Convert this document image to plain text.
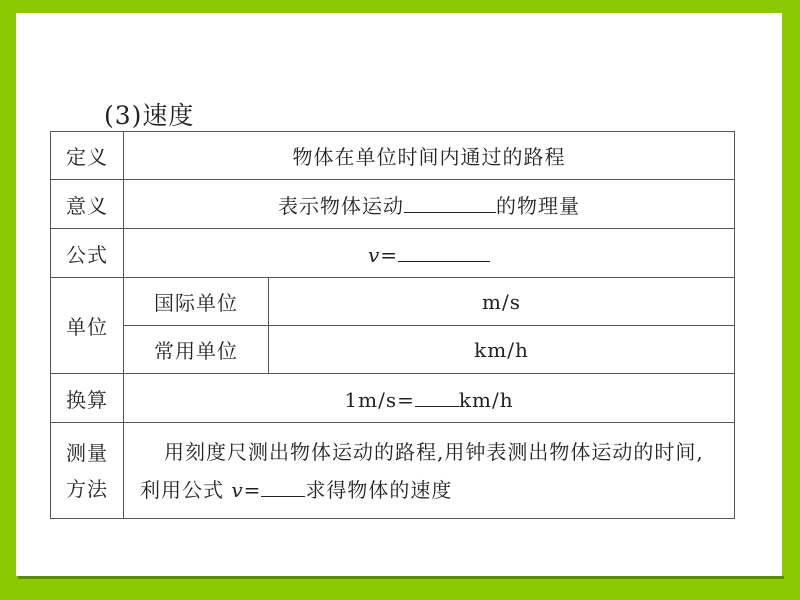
(3)速度
定义	物体在单位时间内通过的路程	
意义	表示物体运动 的物理量	
公式	v=	
单位	国际单位	m/s
	常用单位	km/h
换算	1m/s= km/h	
测量
方法	用刻度尺测出物体运动的路程,用钟表测出物体运动的时间,利用公式 v= 求得物体的速度	
